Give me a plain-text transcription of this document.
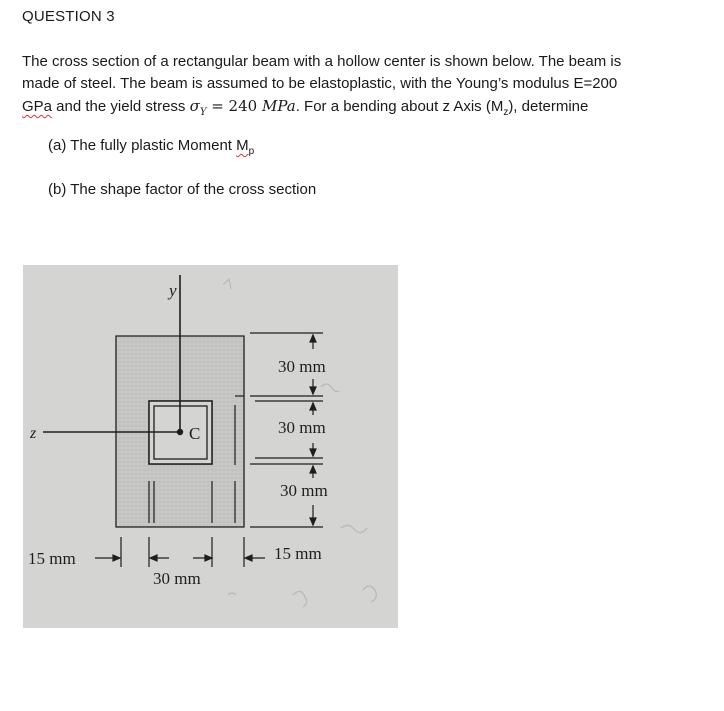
QUESTION 3
The cross section of a rectangular beam with a hollow center is shown below. The beam is
made of steel. The beam is assumed to be elastoplastic, with the Young’s modulus E=200
GPa and the yield stress $\sigma_Y = 240$ MPa. For a bending about z Axis $(M_z)$, determine
(a) The fully plastic Moment $M_p$
(b) The shape factor of the cross section
y
z	C
30 mm
30 mm
30 mm
15 mm
30 mm
15 mm
